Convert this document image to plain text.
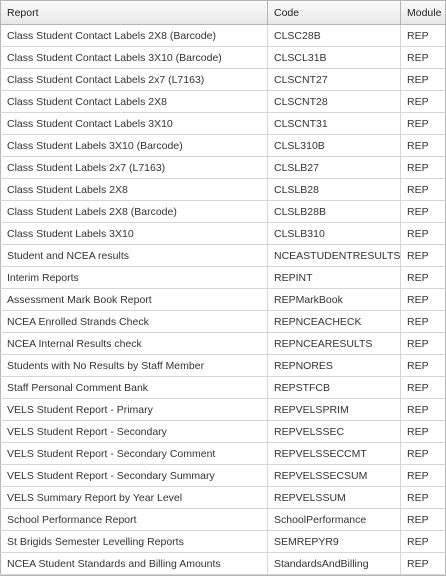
Report	Code	Module
Class Student Contact Labels 2X8 (Barcode)	CLSC28B	REP
Class Student Contact Labels 3X10 (Barcode)	CLSCL31B	REP
Class Student Contact Labels 2x7 (L7163)	CLSCNT27	REP
Class Student Contact Labels 2X8	CLSCNT28	REP
Class Student Contact Labels 3X10	CLSCNT31	REP
Class Student Labels 3X10 (Barcode)	CLSL310B	REP
Class Student Labels 2x7 (L7163)	CLSLB27	REP
Class Student Labels 2X8	CLSLB28	REP
Class Student Labels 2X8 (Barcode)	CLSLB28B	REP
Class Student Labels 3X10	CLSLB310	REP
Student and NCEA results	NCEASTUDENTRESULTS REP
Interim Reports	REPINT	REP
Assessment Mark Book Report	REPMarkBook	REP
NCEA Enrolled Strands Check	REPNCEACHECK	REP
NCEA Internal Results check	REPNCEARESULTS	REP
Students with No Results by Staff Member	REPNORES	REP
Staff Personal Comment Bank	REPSTFCB	REP
VELS Student Report - Primary	REPVELSPRIM	REP
VELS Student Report - Secondary	REPVELSSEC	REP
VELS Student Report - Secondary Comment	REPVELSSECCMT	REP
VELS Student Report - Secondary Summary	REPVELSSECSUM	REP
VELS Summary Report by Year Level	REPVELSSUM	REP
School Performance Report	SchoolPerformance	REP
St Brigids Semester Levelling Reports	SEMREPYR9	REP
NCEA Student Standards and Billing Amounts	StandardsAndBilling	REP
